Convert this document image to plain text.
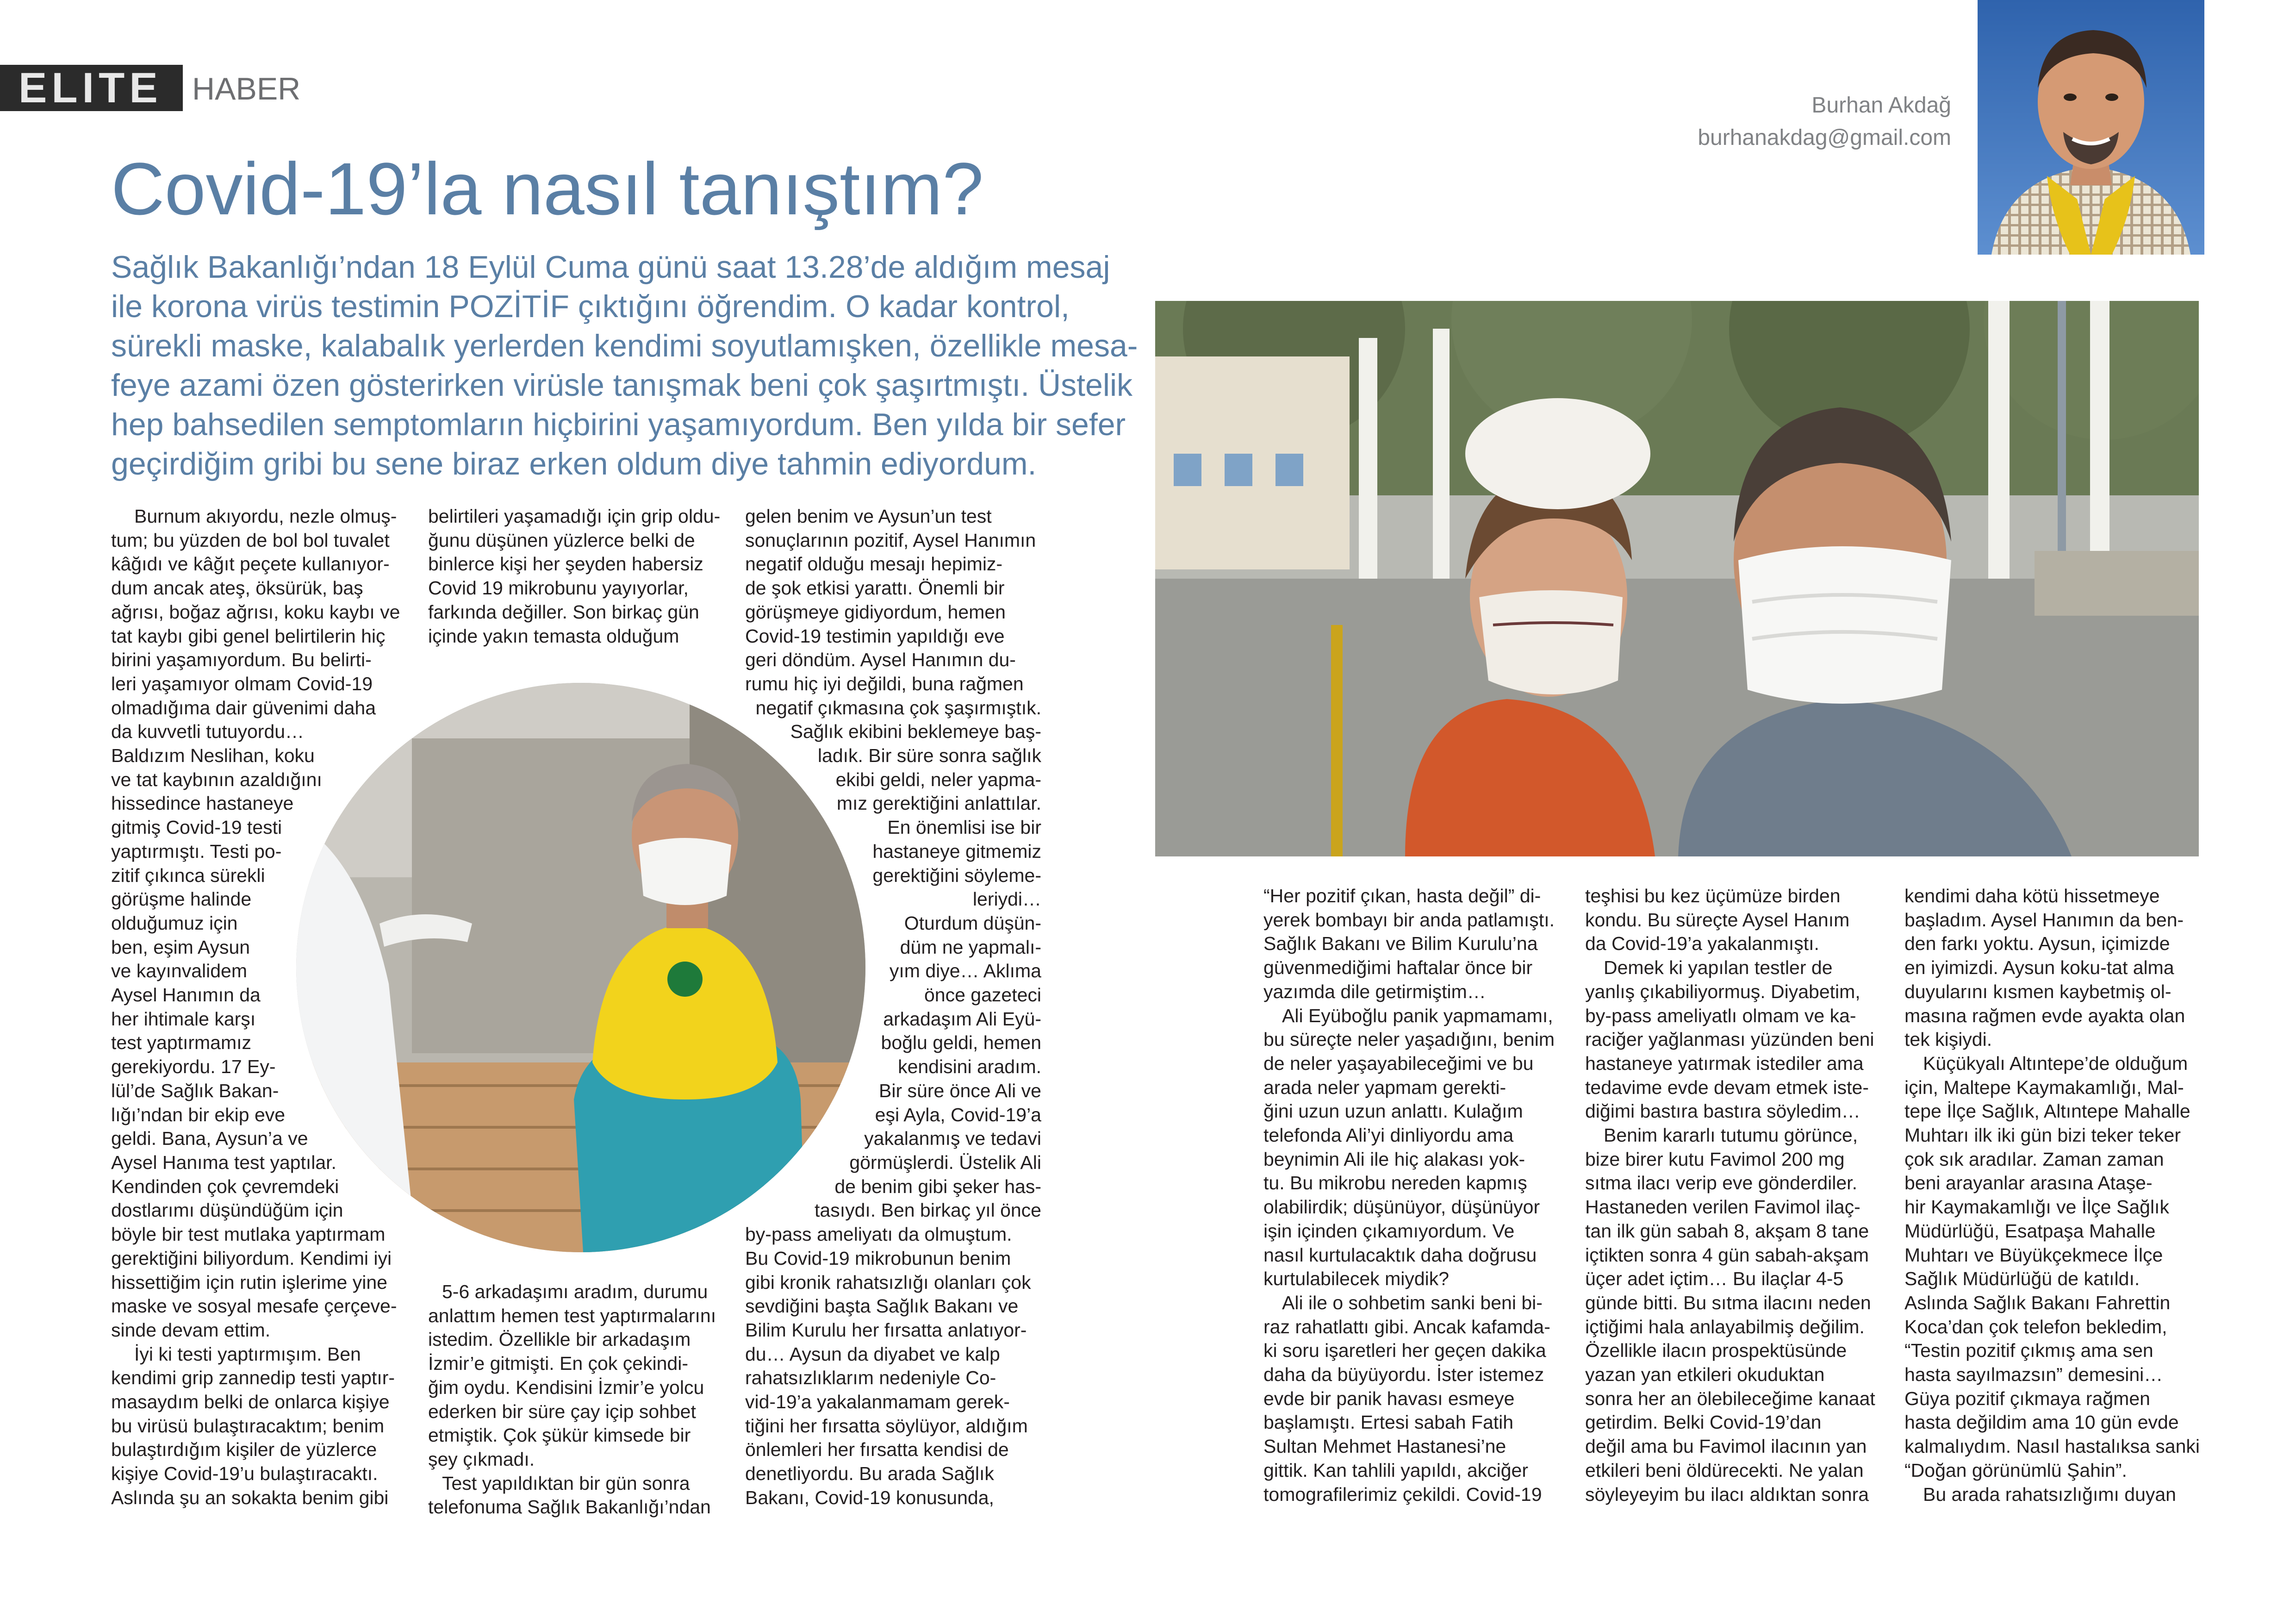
ELITE HABER	Burhan Akdağ
burhanakdag@gmail.com
Covid-19’la nasıl tanıştım?
Sağlık Bakanlığı’ndan 18 Eylül Cuma günü saat 13.28’de aldığım mesaj
ile korona virüs testimin POZİTİF çıktığını öğrendim. O kadar kontrol,
sürekli maske, kalabalık yerlerden kendimi soyutlamışken, özellikle mesa-
feye azami özen gösterirken virüsle tanışmak beni çok şaşırtmıştı. Üstelik
hep bahsedilen semptomların hiçbirini yaşamıyordum. Ben yılda bir sefer
geçirdiğim gribi bu sene biraz erken oldum diye tahmin ediyordum.
Burnum akıyordu, nezle olmuş-
tum; bu yüzden de bol bol tuvalet
kâğıdı ve kâğıt peçete kullanıyor-
dum ancak ateş, öksürük, baş
ağrısı, boğaz ağrısı, koku kaybı ve
tat kaybı gibi genel belirtilerin hiç
birini yaşamıyordum. Bu belirti-
leri yaşamıyor olmam Covid-19
olmadığıma dair güvenimi daha
da kuvvetli tutuyordu…
Baldızım Neslihan, koku
ve tat kaybının azaldığını
hissedince hastaneye
gitmiş Covid-19 testi
yaptırmıştı. Testi po-
zitif çıkınca sürekli
görüşme halinde
olduğumuz için
ben, eşim Aysun
ve kayınvalidem
Aysel Hanımın da
her ihtimale karşı
test yaptırmamız
gerekiyordu. 17 Ey-
lül’de Sağlık Bakan-
lığı’ndan bir ekip eve
geldi. Bana, Aysun’a ve
Aysel Hanıma test yaptılar.
Kendinden çok çevremdeki
dostlarımı düşündüğüm için
böyle bir test mutlaka yaptırmam
gerektiğini biliyordum. Kendimi iyi
hissettiğim için rutin işlerime yine
maske ve sosyal mesafe çerçeve-
sinde devam ettim.
İyi ki testi yaptırmışım. Ben
kendimi grip zannedip testi yaptır-
masaydım belki de onlarca kişiye
bu virüsü bulaştıracaktım; benim
bulaştırdığım kişiler de yüzlerce
kişiye Covid-19’u bulaştıracaktı.
Aslında şu an sokakta benim gibi
belirtileri yaşamadığı için grip oldu-
ğunu düşünen yüzlerce belki de
binlerce kişi her şeyden habersiz
Covid 19 mikrobunu yayıyorlar,
farkında değiller. Son birkaç gün
içinde yakın temasta olduğum
5-6 arkadaşımı aradım, durumu
anlattım hemen test yaptırmalarını
istedim. Özellikle bir arkadaşım
İzmir’e gitmişti. En çok çekindi-
ğim oydu. Kendisini İzmir’e yolcu
ederken bir süre çay içip sohbet
etmiştik. Çok şükür kimsede bir
şey çıkmadı.
Test yapıldıktan bir gün sonra
telefonuma Sağlık Bakanlığı’ndan
gelen benim ve Aysun’un test
sonuçlarının pozitif, Aysel Hanımın
negatif olduğu mesajı hepimiz-
de şok etkisi yarattı. Önemli bir
görüşmeye gidiyordum, hemen
Covid-19 testimin yapıldığı eve
geri döndüm. Aysel Hanımın du-
rumu hiç iyi değildi, buna rağmen
negatif çıkmasına çok şaşırmıştık.
Sağlık ekibini beklemeye baş-
ladık. Bir süre sonra sağlık
ekibi geldi, neler yapma-
mız gerektiğini anlattılar.
En önemlisi ise bir
hastaneye gitmemiz
gerektiğini söyleme-
leriydi…
Oturdum düşün-
düm ne yapmalı-
yım diye… Aklıma
önce gazeteci
arkadaşım Ali Eyü-
boğlu geldi, hemen
kendisini aradım.
Bir süre önce Ali ve
eşi Ayla, Covid-19’a
yakalanmış ve tedavi
görmüşlerdi. Üstelik Ali
de benim gibi şeker has-
tasıydı. Ben birkaç yıl önce
by-pass ameliyatı da olmuştum.
Bu Covid-19 mikrobunun benim
gibi kronik rahatsızlığı olanları çok
sevdiğini başta Sağlık Bakanı ve
Bilim Kurulu her fırsatta anlatıyor-
du… Aysun da diyabet ve kalp
rahatsızlıklarım nedeniyle Co-
vid-19’a yakalanmamam gerek-
tiğini her fırsatta söylüyor, aldığım
önlemleri her fırsatta kendisi de
denetliyordu. Bu arada Sağlık
Bakanı, Covid-19 konusunda,
“Her pozitif çıkan, hasta değil” di-
yerek bombayı bir anda patlamıştı.
Sağlık Bakanı ve Bilim Kurulu’na
güvenmediğimi haftalar önce bir
yazımda dile getirmiştim…
Ali Eyüboğlu panik yapmamamı,
bu süreçte neler yaşadığını, benim
de neler yaşayabileceğimi ve bu
arada neler yapmam gerekti-
ğini uzun uzun anlattı. Kulağım
telefonda Ali’yi dinliyordu ama
beynimin Ali ile hiç alakası yok-
tu. Bu mikrobu nereden kapmış
olabilirdik; düşünüyor, düşünüyor
işin içinden çıkamıyordum. Ve
nasıl kurtulacaktık daha doğrusu
kurtulabilecek miydik?
Ali ile o sohbetim sanki beni bi-
raz rahatlattı gibi. Ancak kafamda-
ki soru işaretleri her geçen dakika
daha da büyüyordu. İster istemez
evde bir panik havası esmeye
başlamıştı. Ertesi sabah Fatih
Sultan Mehmet Hastanesi’ne
gittik. Kan tahlili yapıldı, akciğer
tomografilerimiz çekildi. Covid-19
teşhisi bu kez üçümüze birden
kondu. Bu süreçte Aysel Hanım
da Covid-19’a yakalanmıştı.
Demek ki yapılan testler de
yanlış çıkabiliyormuş. Diyabetim,
by-pass ameliyatlı olmam ve ka-
raciğer yağlanması yüzünden beni
hastaneye yatırmak istediler ama
tedavime evde devam etmek iste-
diğimi bastıra bastıra söyledim…
Benim kararlı tutumu görünce,
bize birer kutu Favimol 200 mg
sıtma ilacı verip eve gönderdiler.
Hastaneden verilen Favimol ilaç-
tan ilk gün sabah 8, akşam 8 tane
içtikten sonra 4 gün sabah-akşam
üçer adet içtim… Bu ilaçlar 4-5
günde bitti. Bu sıtma ilacını neden
içtiğimi hala anlayabilmiş değilim.
Özellikle ilacın prospektüsünde
yazan yan etkileri okuduktan
sonra her an ölebileceğime kanaat
getirdim. Belki Covid-19’dan
değil ama bu Favimol ilacının yan
etkileri beni öldürecekti. Ne yalan
söyleyeyim bu ilacı aldıktan sonra
kendimi daha kötü hissetmeye
başladım. Aysel Hanımın da ben-
den farkı yoktu. Aysun, içimizde
en iyimizdi. Aysun koku-tat alma
duyularını kısmen kaybetmiş ol-
masına rağmen evde ayakta olan
tek kişiydi.
Küçükyalı Altıntepe’de olduğum
için, Maltepe Kaymakamlığı, Mal-
tepe İlçe Sağlık, Altıntepe Mahalle
Muhtarı ilk iki gün bizi teker teker
çok sık aradılar. Zaman zaman
beni arayanlar arasına Ataşe-
hir Kaymakamlığı ve İlçe Sağlık
Müdürlüğü, Esatpaşa Mahalle
Muhtarı ve Büyükçekmece İlçe
Sağlık Müdürlüğü de katıldı.
Aslında Sağlık Bakanı Fahrettin
Koca’dan çok telefon bekledim,
“Testin pozitif çıkmış ama sen
hasta sayılmazsın” demesini…
Güya pozitif çıkmaya rağmen
hasta değildim ama 10 gün evde
kalmalıydım. Nasıl hastalıksa sanki
“Doğan görünümlü Şahin”.
Bu arada rahatsızlığımı duyan
